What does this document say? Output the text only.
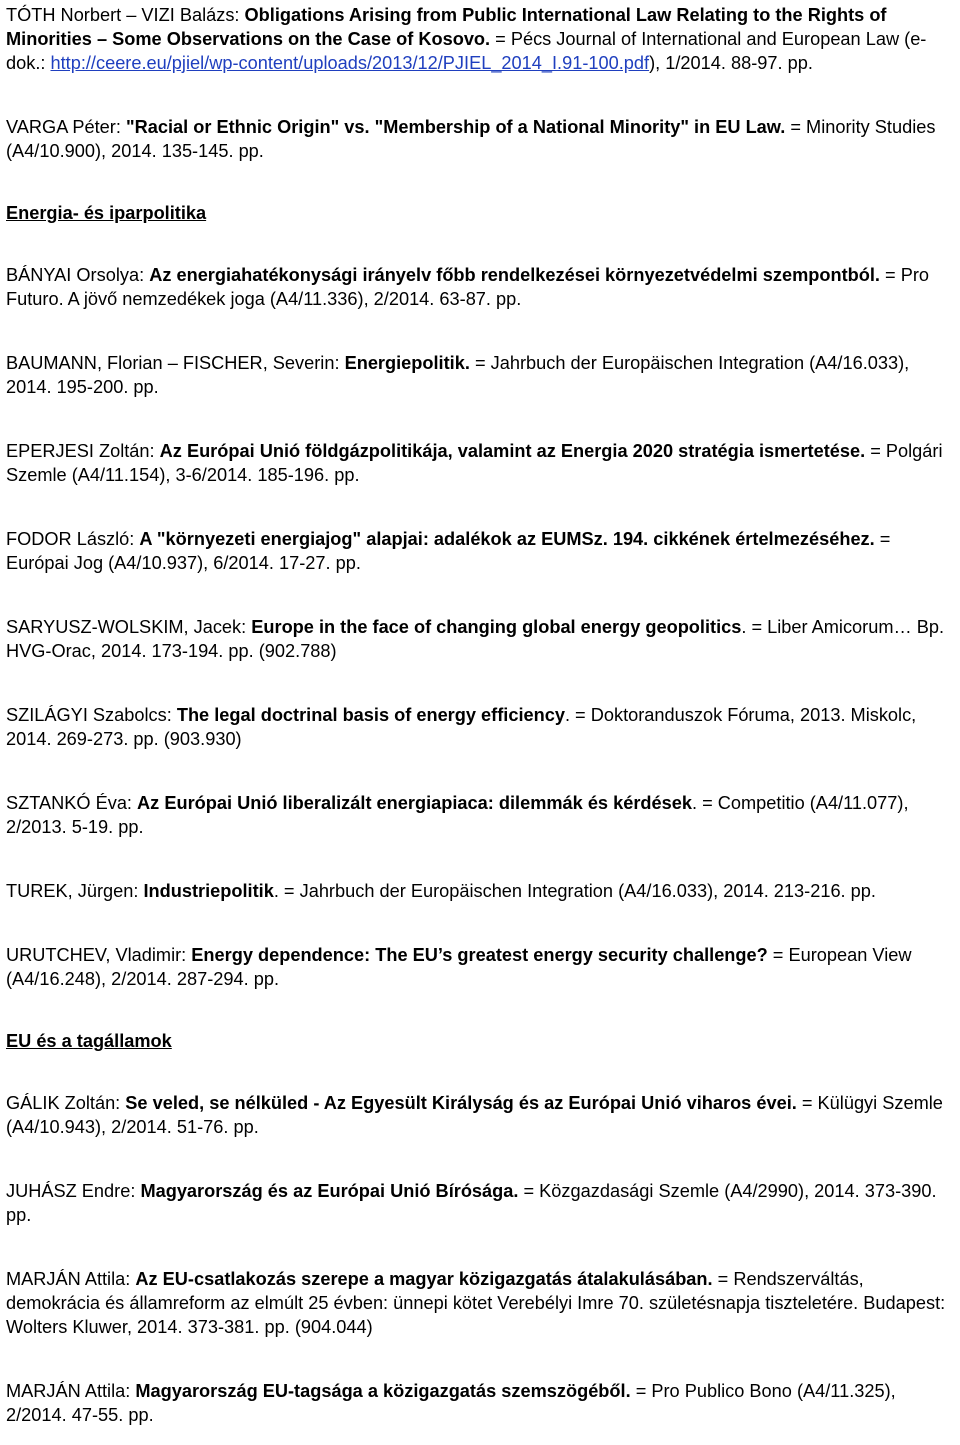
TÓTH Norbert – VIZI Balázs: Obligations Arising from Public International Law Relating to the Rights of Minorities – Some Observations on the Case of Kosovo. = Pécs Journal of International and European Law (e-dok.: http://ceere.eu/pjiel/wp-content/uploads/2013/12/PJIEL_2014_I.91-100.pdf), 1/2014. 88-97. pp.

VARGA Péter: "Racial or Ethnic Origin" vs. "Membership of a National Minority" in EU Law. = Minority Studies (A4/10.900), 2014. 135-145. pp.

Energia- és iparpolitika

BÁNYAI Orsolya: Az energiahatékonysági irányelv főbb rendelkezései környezetvédelmi szempontból. = Pro Futuro. A jövő nemzedékek joga (A4/11.336), 2/2014. 63-87. pp.

BAUMANN, Florian – FISCHER, Severin: Energiepolitik. = Jahrbuch der Europäischen Integration (A4/16.033), 2014. 195-200. pp.

EPERJESI Zoltán: Az Európai Unió földgázpolitikája, valamint az Energia 2020 stratégia ismertetése. = Polgári Szemle (A4/11.154), 3-6/2014. 185-196. pp.

FODOR László: A "környezeti energiajog" alapjai: adalékok az EUMSz. 194. cikkének értelmezéséhez. = Európai Jog (A4/10.937), 6/2014. 17-27. pp.

SARYUSZ-WOLSKIM, Jacek: Europe in the face of changing global energy geopolitics. = Liber Amicorum… Bp. HVG-Orac, 2014. 173-194. pp. (902.788)

SZILÁGYI Szabolcs: The legal doctrinal basis of energy efficiency. = Doktoranduszok Fóruma, 2013. Miskolc, 2014. 269-273. pp. (903.930)

SZTANKÓ Éva: Az Európai Unió liberalizált energiapiaca: dilemmák és kérdések. = Competitio (A4/11.077), 2/2013. 5-19. pp.

TUREK, Jürgen: Industriepolitik. = Jahrbuch der Europäischen Integration (A4/16.033), 2014. 213-216. pp.

URUTCHEV, Vladimir: Energy dependence: The EU’s greatest energy security challenge? = European View (A4/16.248), 2/2014. 287-294. pp.

EU és a tagállamok

GÁLIK Zoltán: Se veled, se nélküled - Az Egyesült Királyság és az Európai Unió viharos évei. = Külügyi Szemle (A4/10.943), 2/2014. 51-76. pp.

JUHÁSZ Endre: Magyarország és az Európai Unió Bírósága. = Közgazdasági Szemle (A4/2990), 2014. 373-390. pp.

MARJÁN Attila: Az EU-csatlakozás szerepe a magyar közigazgatás átalakulásában. = Rendszerváltás, demokrácia és államreform az elmúlt 25 évben: ünnepi kötet Verebélyi Imre 70. születésnapja tiszteletére. Budapest: Wolters Kluwer, 2014. 373-381. pp. (904.044)

MARJÁN Attila: Magyarország EU-tagsága a közigazgatás szemszögéből. = Pro Publico Bono (A4/11.325), 2/2014. 47-55. pp.
